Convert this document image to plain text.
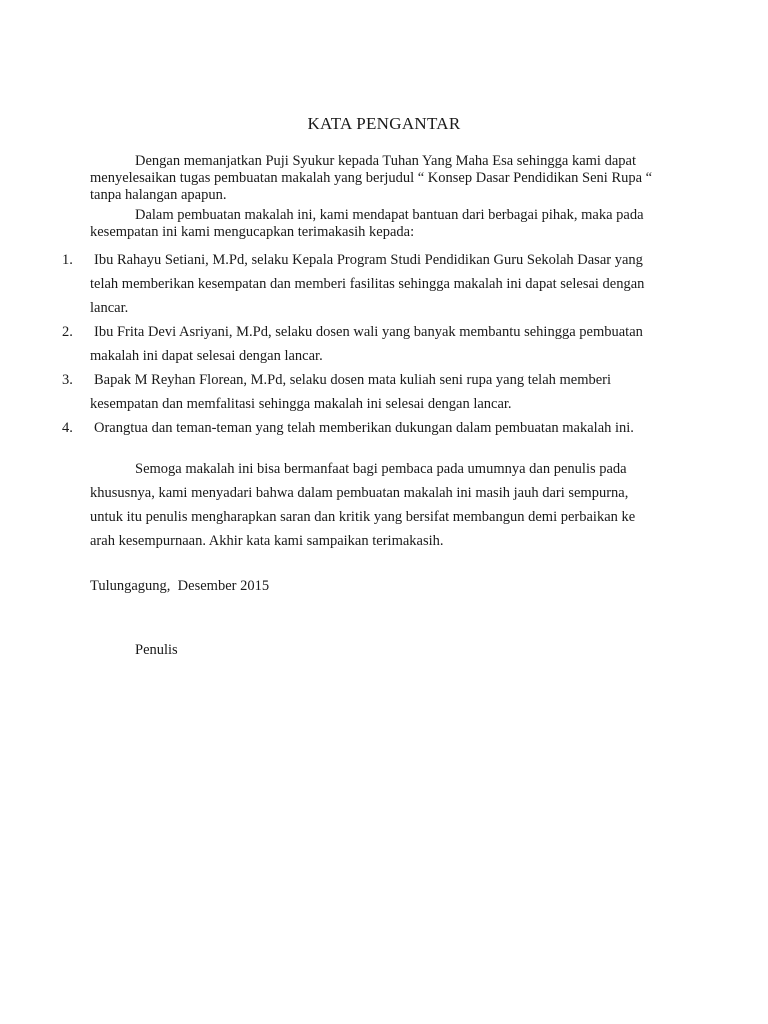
KATA PENGANTAR
Dengan memanjatkan Puji Syukur kepada Tuhan Yang Maha Esa sehingga kami dapat
menyelesaikan tugas pembuatan makalah yang berjudul “ Konsep Dasar Pendidikan Seni Rupa “
tanpa halangan apapun.
Dalam pembuatan makalah ini, kami mendapat bantuan dari berbagai pihak, maka pada
kesempatan ini kami mengucapkan terimakasih kepada:
1.	Ibu Rahayu Setiani, M.Pd, selaku Kepala Program Studi Pendidikan Guru Sekolah Dasar yang
telah memberikan kesempatan dan memberi fasilitas sehingga makalah ini dapat selesai dengan
lancar.
2.	Ibu Frita Devi Asriyani, M.Pd, selaku dosen wali yang banyak membantu sehingga pembuatan
makalah ini dapat selesai dengan lancar.
3.	Bapak M Reyhan Florean, M.Pd, selaku dosen mata kuliah seni rupa yang telah memberi
kesempatan dan memfalitasi sehingga makalah ini selesai dengan lancar.
4.	Orangtua dan teman-teman yang telah memberikan dukungan dalam pembuatan makalah ini.
Semoga makalah ini bisa bermanfaat bagi pembaca pada umumnya dan penulis pada
khususnya, kami menyadari bahwa dalam pembuatan makalah ini masih jauh dari sempurna,
untuk itu penulis mengharapkan saran dan kritik yang bersifat membangun demi perbaikan ke
arah kesempurnaan. Akhir kata kami sampaikan terimakasih.
Tulungagung,  Desember 2015
Penulis
